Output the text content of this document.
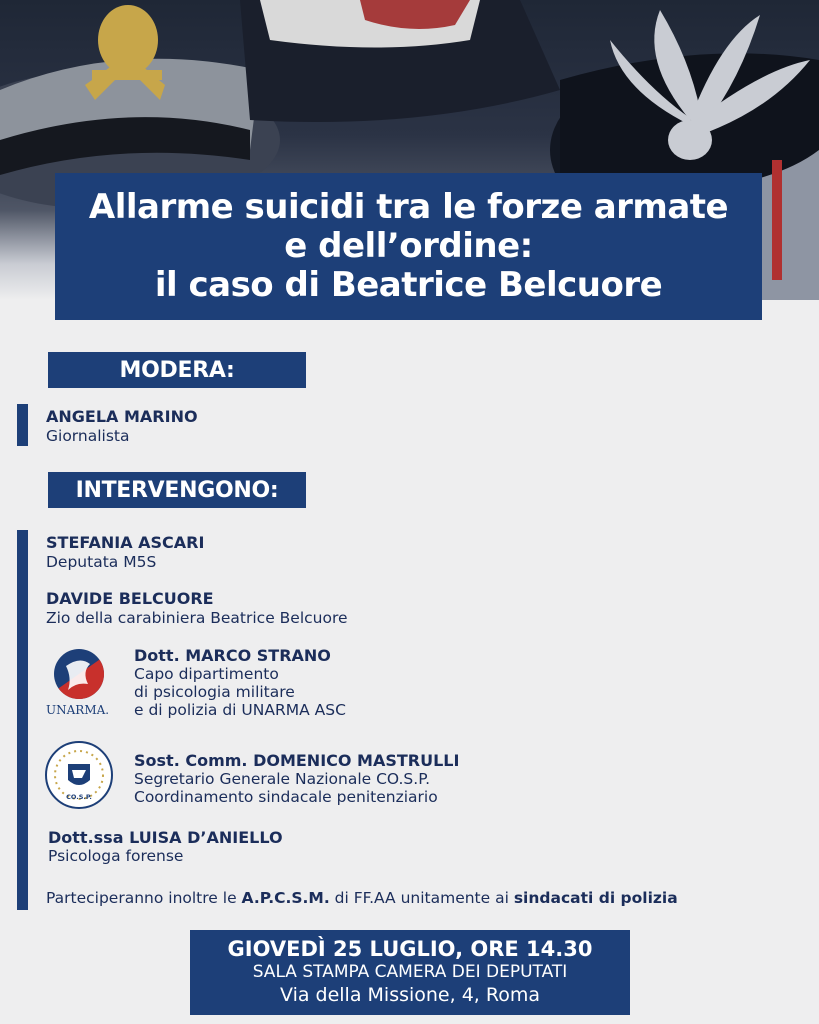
Allarme suicidi tra le forze armate
e dell’ordine:
il caso di Beatrice Belcuore
MODERA:
ANGELA MARINO
Giornalista
INTERVENGONO:
STEFANIA ASCARI
Deputata M5S
DAVIDE BELCUORE
Zio della carabiniera Beatrice Belcuore
UNARMA.
Dott. MARCO STRANO
Capo dipartimento
di psicologia militare
e di polizia di UNARMA ASC
CO.S.P.
Sost. Comm. DOMENICO MASTRULLI
Segretario Generale Nazionale CO.S.P.
Coordinamento sindacale penitenziario
Dott.ssa LUISA D’ANIELLO
Psicologa forense
Parteciperanno inoltre le A.P.C.S.M. di FF.AA unitamente ai sindacati di polizia
GIOVEDÌ 25 LUGLIO, ORE 14.30
SALA STAMPA CAMERA DEI DEPUTATI
Via della Missione, 4, Roma
